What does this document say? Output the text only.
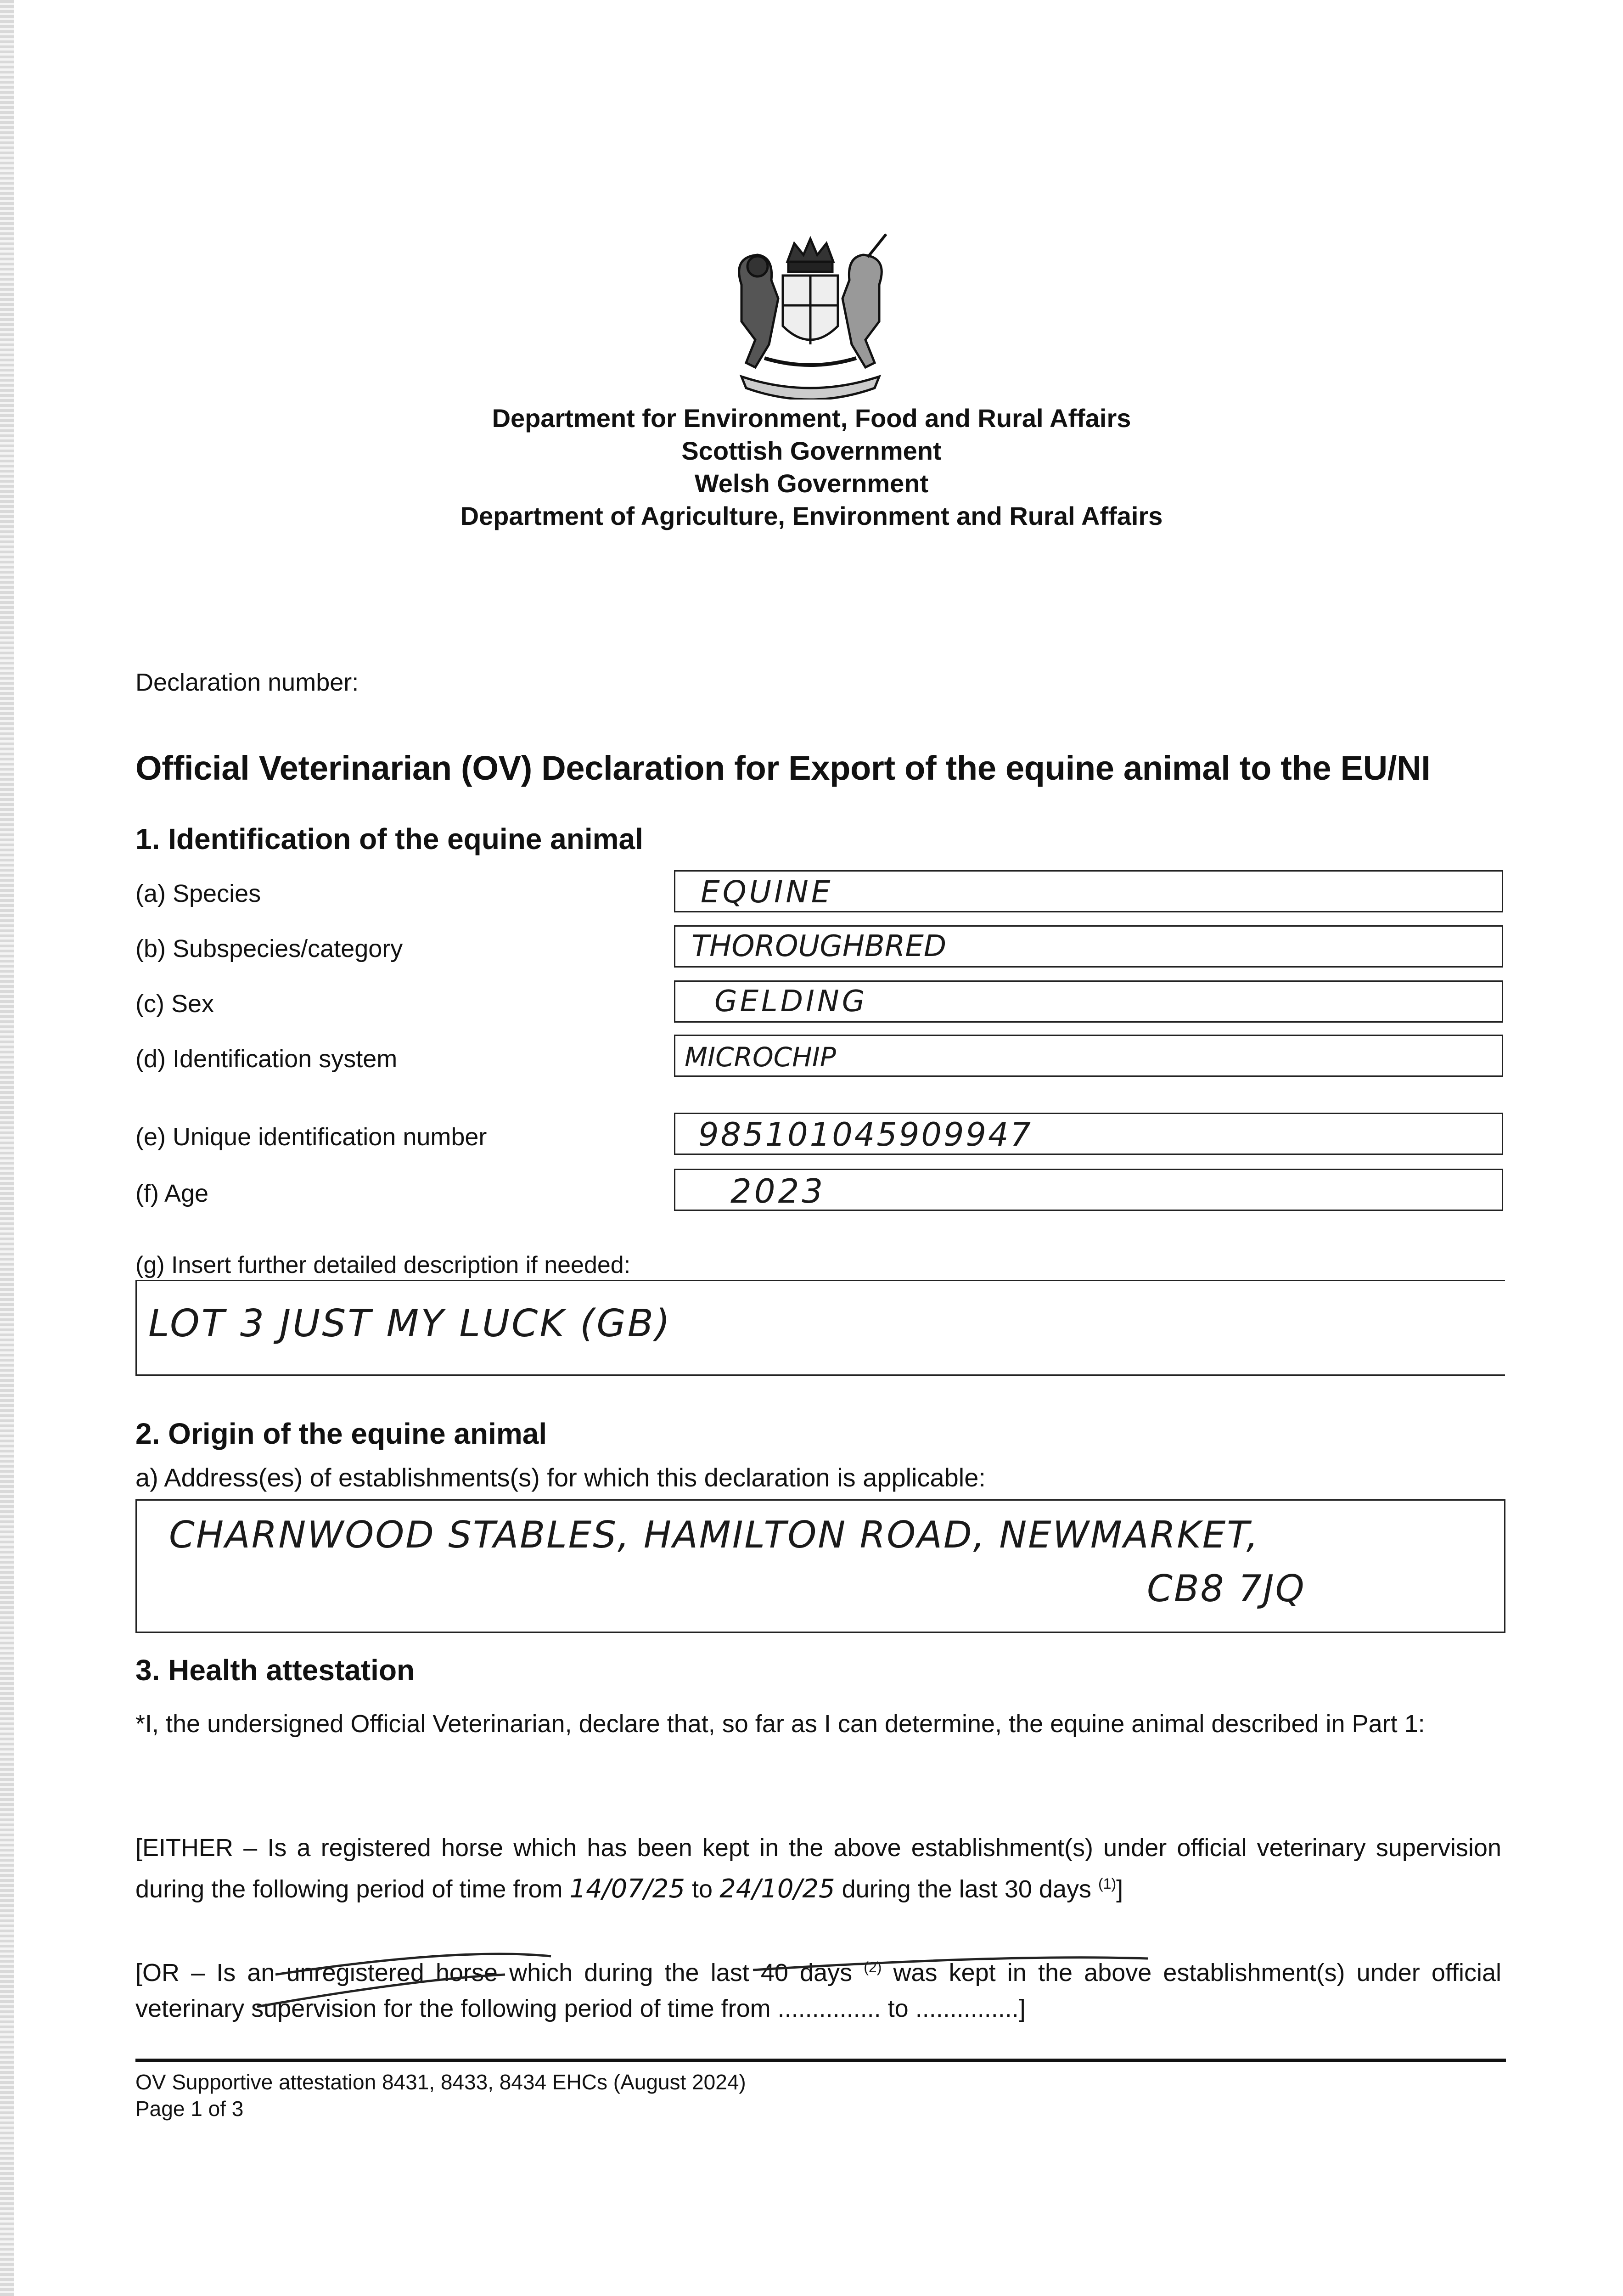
Department for Environment, Food and Rural Affairs
Scottish Government
Welsh Government
Department of Agriculture, Environment and Rural Affairs
Declaration number:
Official Veterinarian (OV) Declaration for Export of the equine animal to the EU/NI
1. Identification of the equine animal
(a) Species	EQUINE
(b) Subspecies/category	THOROUGHBRED
(c) Sex	GELDING
(d) Identification system	MICROCHIP
(e) Unique identification number	985101045909947
(f) Age	2023
(g) Insert further detailed description if needed:
LOT 3 JUST MY LUCK (GB)
2. Origin of the equine animal
a) Address(es) of establishments(s) for which this declaration is applicable:
CHARNWOOD STABLES, HAMILTON ROAD, NEWMARKET,
CB8 7JQ
3. Health attestation
*I, the undersigned Official Veterinarian, declare that, so far as I can determine, the equine animal described in Part 1:
[EITHER – Is a registered horse which has been kept in the above establishment(s) under official veterinary supervision during the following period of time from 14/07/25 to 24/10/25 during the last 30 days $^{(1)}$]
[OR – Is an unregistered horse which during the last 40 days $^{(2)}$ was kept in the above establishment(s) under official veterinary supervision for the following period of time from ............... to ...............]
OV Supportive attestation 8431, 8433, 8434 EHCs (August 2024)
Page 1 of 3
